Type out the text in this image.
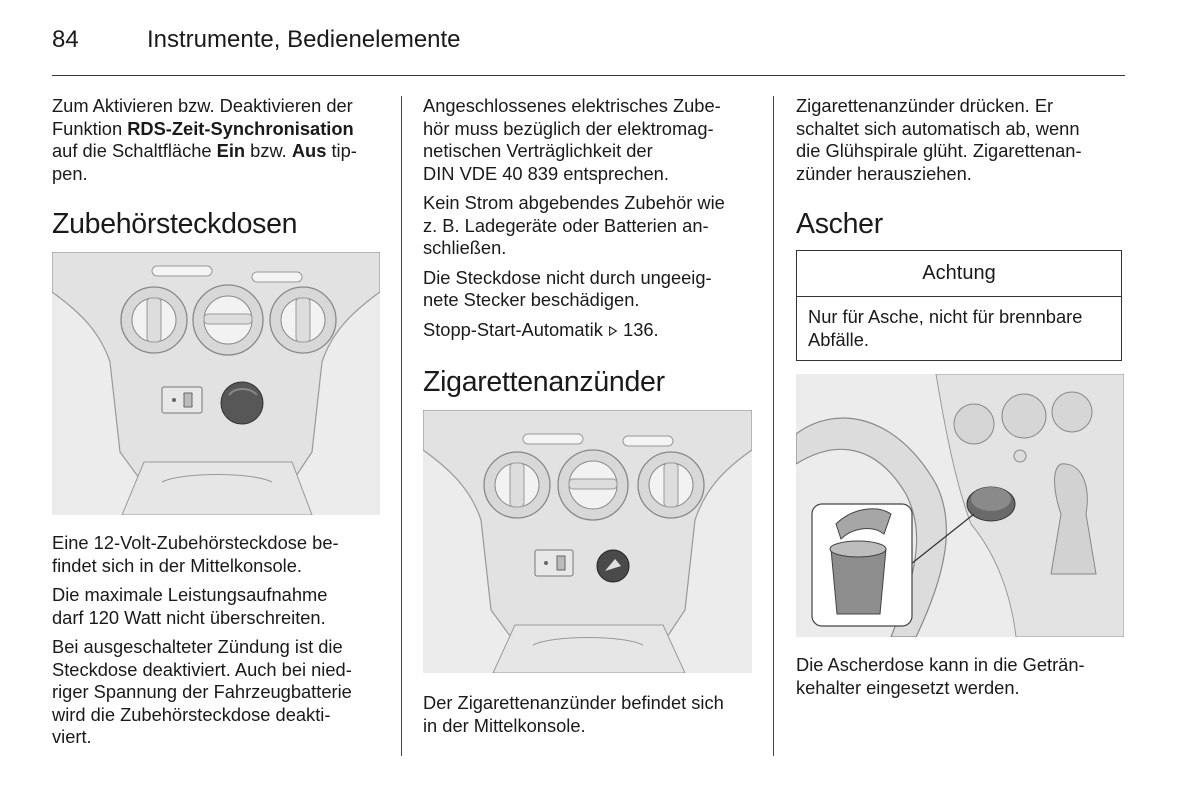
84	Instrumente, Bedienelemente

Zum Aktivieren bzw. Deaktivieren der
Funktion RDS-Zeit-Synchronisation
auf die Schaltfläche Ein bzw. Aus tip-
pen.

Zubehörsteckdosen

Eine 12-Volt-Zubehörsteckdose be-
findet sich in der Mittelkonsole.

Die maximale Leistungsaufnahme
darf 120 Watt nicht überschreiten.

Bei ausgeschalteter Zündung ist die
Steckdose deaktiviert. Auch bei nied-
riger Spannung der Fahrzeugbatterie
wird die Zubehörsteckdose deakti-
viert.

Angeschlossenes elektrisches Zube-
hör muss bezüglich der elektromag-
netischen Verträglichkeit der
DIN VDE 40 839 entsprechen.

Kein Strom abgebendes Zubehör wie
z. B. Ladegeräte oder Batterien an-
schließen.

Die Steckdose nicht durch ungeeig-
nete Stecker beschädigen.

Stopp-Start-Automatik 136.

Zigarettenanzünder

Der Zigarettenanzünder befindet sich
in der Mittelkonsole.

Zigarettenanzünder drücken. Er
schaltet sich automatisch ab, wenn
die Glühspirale glüht. Zigarettenan-
zünder herausziehen.

Ascher
Achtung
Nur für Asche, nicht für brennbare
Abfälle.

Die Ascherdose kann in die Geträn-
kehalter eingesetzt werden.
